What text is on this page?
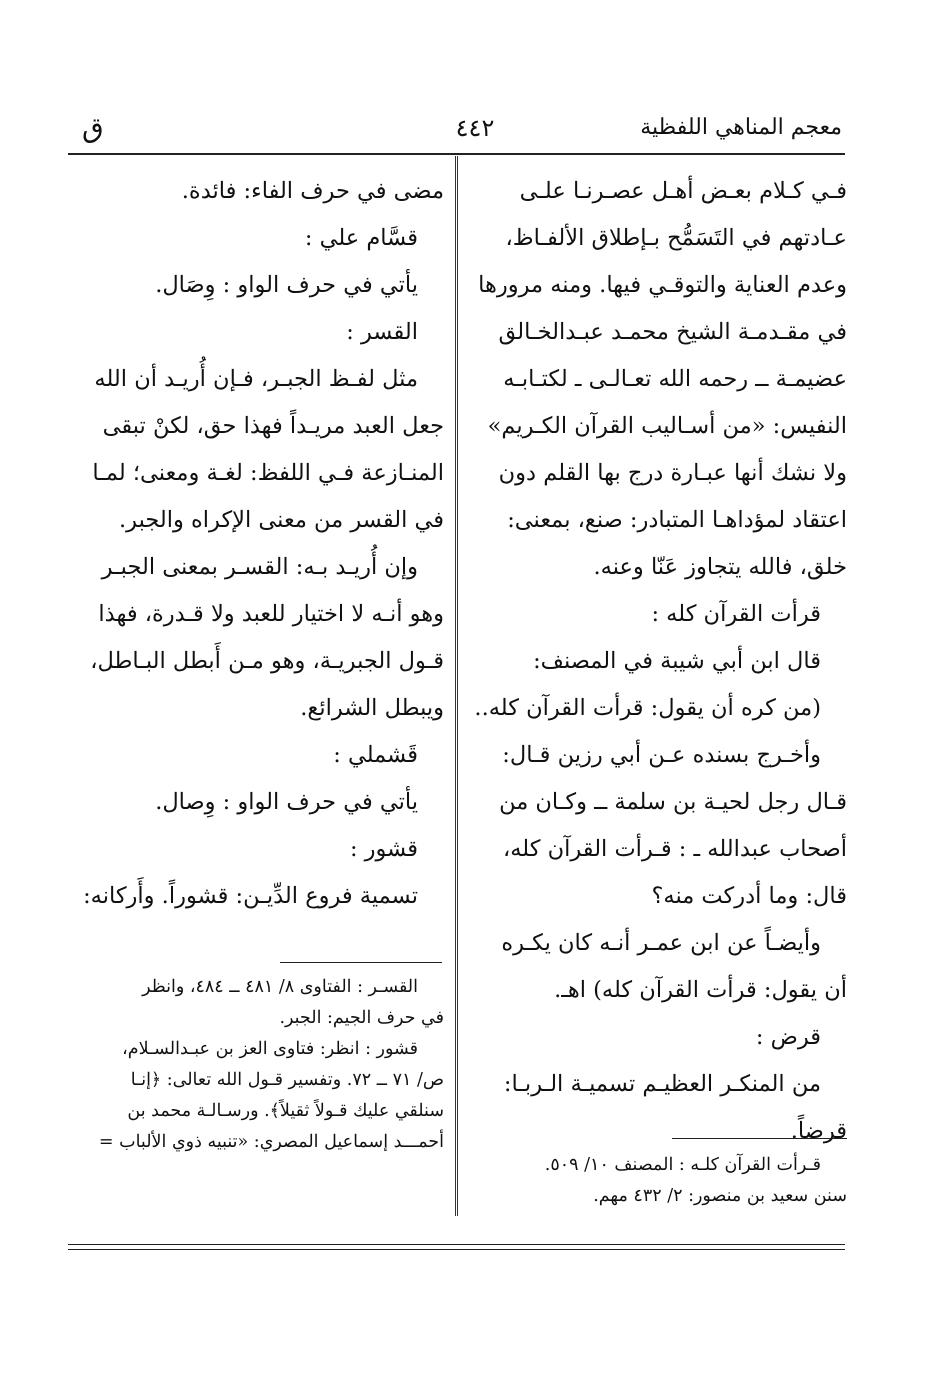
ق	٤٤٢	معجم المناهي اللفظية

فـي كـلام بعـض أهـل عصـرنـا علـى

عـادتهم في التَسَمُّح بـإطلاق الألفـاظ،

وعدم العناية والتوقـي فيها. ومنه مرورها

في مقـدمـة الشيخ محمـد عبـدالخـالق

عضيمـة ــ رحمه الله تعـالـى ـ لكتـابـه

النفيس: «من أسـاليب القرآن الكـريم»

ولا نشك أنها عبـارة درج بها القلم دون

اعتقاد لمؤداهـا المتبادر: صنع، بمعنى:

خلق، فالله يتجاوز عَنّا وعنه.

قرأت القرآن كله :

قال ابن أبي شيبة في المصنف:

(من كره أن يقول: قرأت القرآن كله..

وأخـرج بسنده عـن أبي رزين قـال:

قـال رجل لحيـة بن سلمة ــ وكـان من

أصحاب عبدالله ـ : قـرأت القرآن كله،

قال: وما أدركت منه؟

وأيضـاً عن ابن عمـر أنـه كان يكـره

أن يقول: قرأت القرآن كله) اهـ.

قرض :

من المنكـر العظيـم تسميـة الـربـا:

قرضاً.

مضى في حرف الفاء: فائدة.

قسَّام علي :

يأتي في حرف الواو : وِصَال.

القسر :

مثل لفـظ الجبـر، فـإن أُريـد أن الله

جعل العبد مريـداً فهذا حق، لكنْ تبقى

المنـازعة فـي اللفظ: لغـة ومعنى؛ لمـا

في القسر من معنى الإكراه والجبر.

وإن أُريـد بـه: القسـر بمعنى الجبـر

وهو أنـه لا اختيار للعبد ولا قـدرة، فهذا

قـول الجبريـة، وهو مـن أَبطل البـاطل،

ويبطل الشرائع.

قَشملي :

يأتي في حرف الواو : وِصال.

قشور :

تسمية فروع الدِّيـن: قشوراً. وأَركانه:

قـرأت القرآن كلـه : المصنف ١٠/ ٥٠٩.

سنن سعيد بن منصور: ٢/ ٤٣٢ مهم.

القسـر : الفتاوى ٨/ ٤٨١ ــ ٤٨٤، وانظر

في حرف الجيم: الجبر.

قشور : انظر: فتاوى العز بن عبـدالسـلام،

ص/ ٧١ ــ ٧٢. وتفسير قـول الله تعالى: ﴿إنـا

سنلقي عليك قـولاً ثقيلاً﴾. ورسـالـة محمد بن

أحمـــد إسماعيل المصري: «تنبيه ذوي الألباب =
